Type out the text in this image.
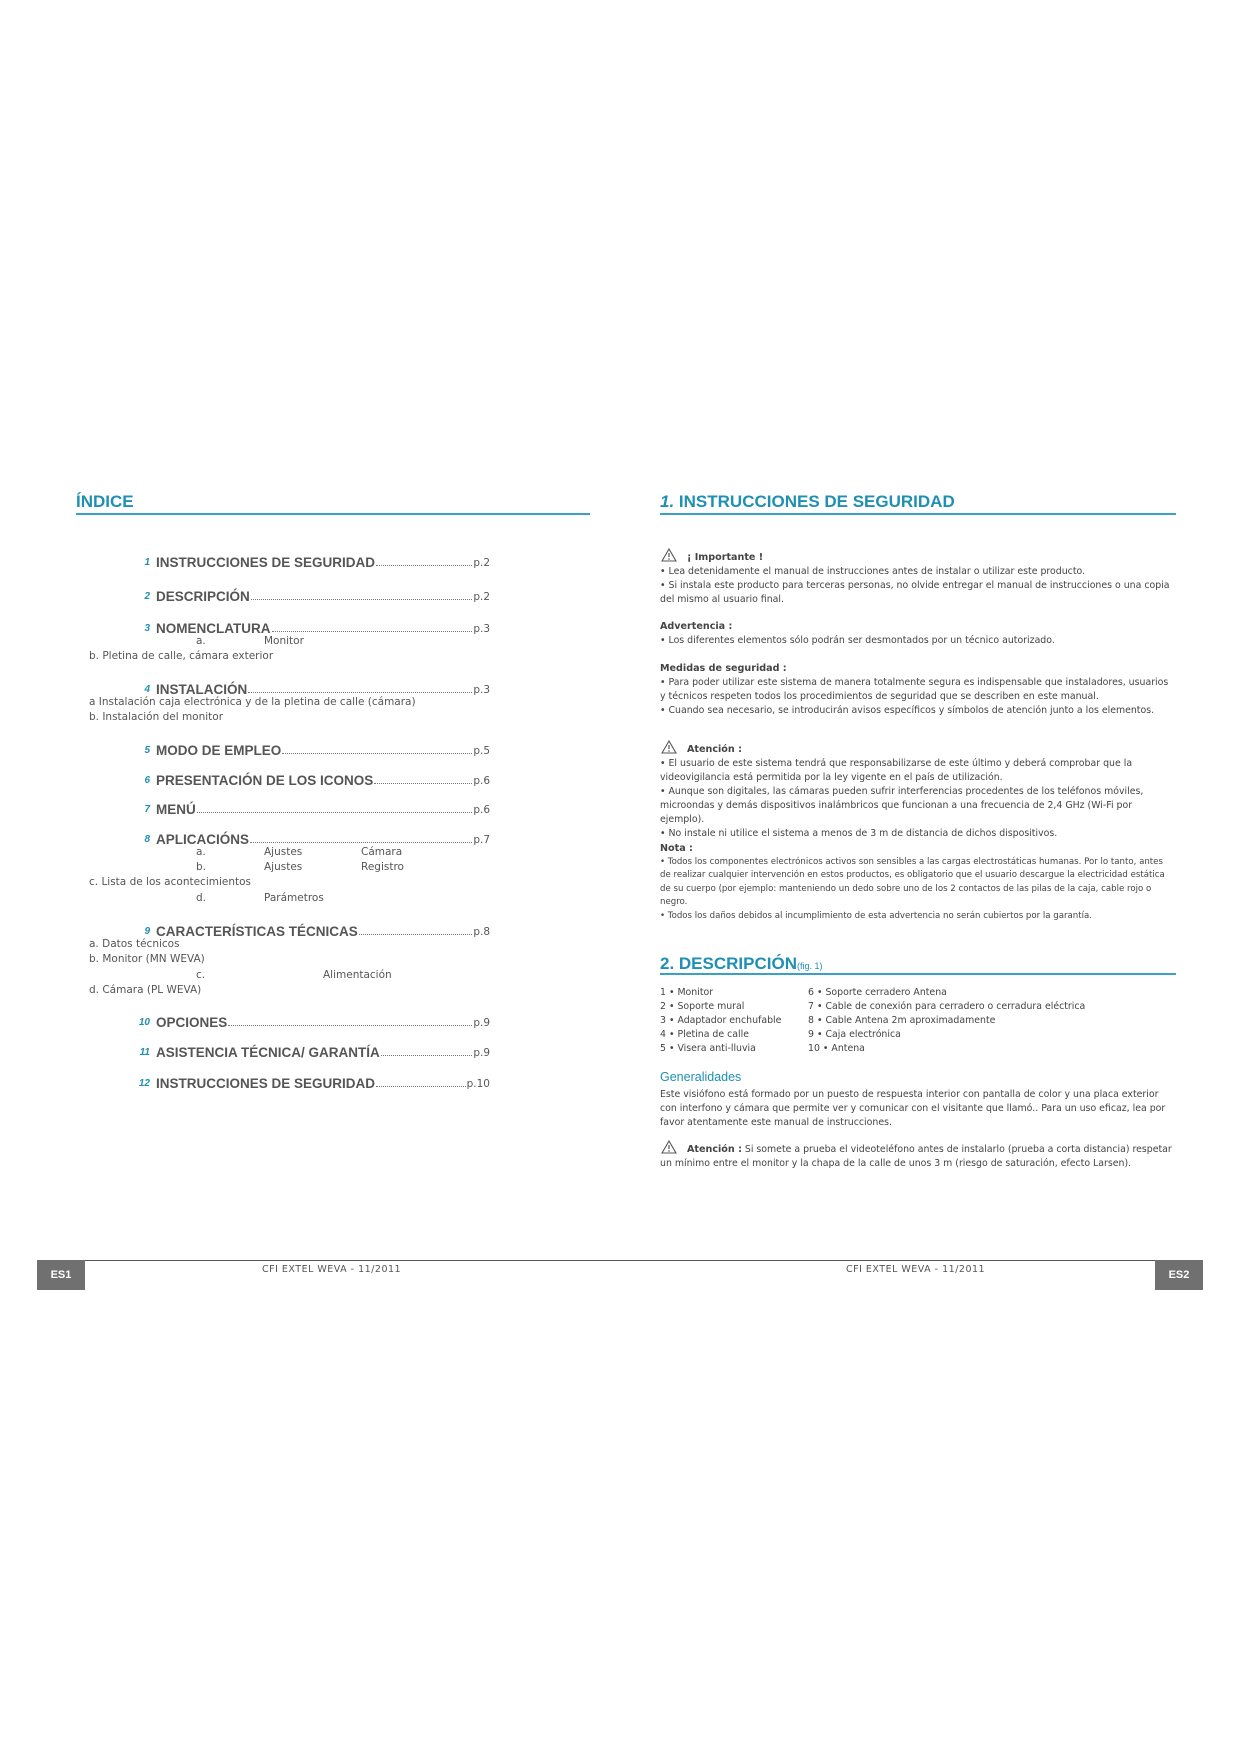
ÍNDICE
1 INSTRUCCIONES DE SEGURIDAD	p.2
2 DESCRIPCIÓN	p.2
3 NOMENCLATURA	p.3
a.	Monitor
b. Pletina de calle, cámara exterior
4 INSTALACIÓN	p.3
a Instalación caja electrónica y de la pletina de calle (cámara)
b. Instalación del monitor
5 MODO DE EMPLEO	p.5
6 PRESENTACIÓN DE LOS ICONOS	p.6
7 MENÚ	p.6
8 APLICACIÓNS	p.7
a.	Ajustes	Cámara
b.	Ajustes	Registro
c. Lista de los acontecimientos
d.	Parámetros
9 CARACTERÍSTICAS TÉCNICAS	p.8
a. Datos técnicos
b. Monitor (MN WEVA)
c.	Alimentación
d. Cámara (PL WEVA)
10 OPCIONES	p.9
11 ASISTENCIA TÉCNICA/ GARANTÍA	p.9
12 INSTRUCCIONES DE SEGURIDAD	p.10
1. INSTRUCCIONES DE SEGURIDAD

¡ Importante !

• Lea detenidamente el manual de instrucciones antes de instalar o utilizar este producto.

• Si instala este producto para terceras personas, no olvide entregar el manual de instrucciones o una copia del mismo al usuario final.

Advertencia :

• Los diferentes elementos sólo podrán ser desmontados por un técnico autorizado.

Medidas de seguridad :

• Para poder utilizar este sistema de manera totalmente segura es indispensable que instaladores, usuarios y técnicos respeten todos los procedimientos de seguridad que se describen en este manual.

• Cuando sea necesario, se introducirán avisos específicos y símbolos de atención junto a los elementos.

Atención :

• El usuario de este sistema tendrá que responsabilizarse de este último y deberá comprobar que la videovigilancia está permitida por la ley vigente en el país de utilización.

• Aunque son digitales, las cámaras pueden sufrir interferencias procedentes de los teléfonos móviles, microondas y demás dispositivos inalámbricos que funcionan a una frecuencia de 2,4 GHz (Wi-Fi por ejemplo).

• No instale ni utilice el sistema a menos de 3 m de distancia de dichos dispositivos.

Nota :

• Todos los componentes electrónicos activos son sensibles a las cargas electrostáticas humanas. Por lo tanto, antes de realizar cualquier intervención en estos productos, es obligatorio que el usuario descargue la electricidad estática de su cuerpo (por ejemplo: manteniendo un dedo sobre uno de los 2 contactos de las pilas de la caja, cable rojo o negro.

• Todos los daños debidos al incumplimiento de esta advertencia no serán cubiertos por la garantía.

2. DESCRIPCIÓN(fig. 1)
1 • Monitor
2 • Soporte mural
3 • Adaptador enchufable
4 • Pletina de calle
5 • Visera anti-lluvia
6 • Soporte cerradero Antena
7 • Cable de conexión para cerradero o cerradura eléctrica
8 • Cable Antena 2m aproximadamente
9 • Caja electrónica
10 • Antena
Generalidades

Este visiófono está formado por un puesto de respuesta interior con pantalla de color y una placa exterior con interfono y cámara que permite ver y comunicar con el visitante que llamó.. Para un uso eficaz, lea por favor atentamente este manual de instrucciones.

Atención : Si somete a prueba el videoteléfono antes de instalarlo (prueba a corta distancia) respetar un mínimo entre el monitor y la chapa de la calle de unos 3 m (riesgo de saturación, efecto Larsen).

ES1	CFI EXTEL WEVA - 11/2011	CFI EXTEL WEVA - 11/2011	ES2
